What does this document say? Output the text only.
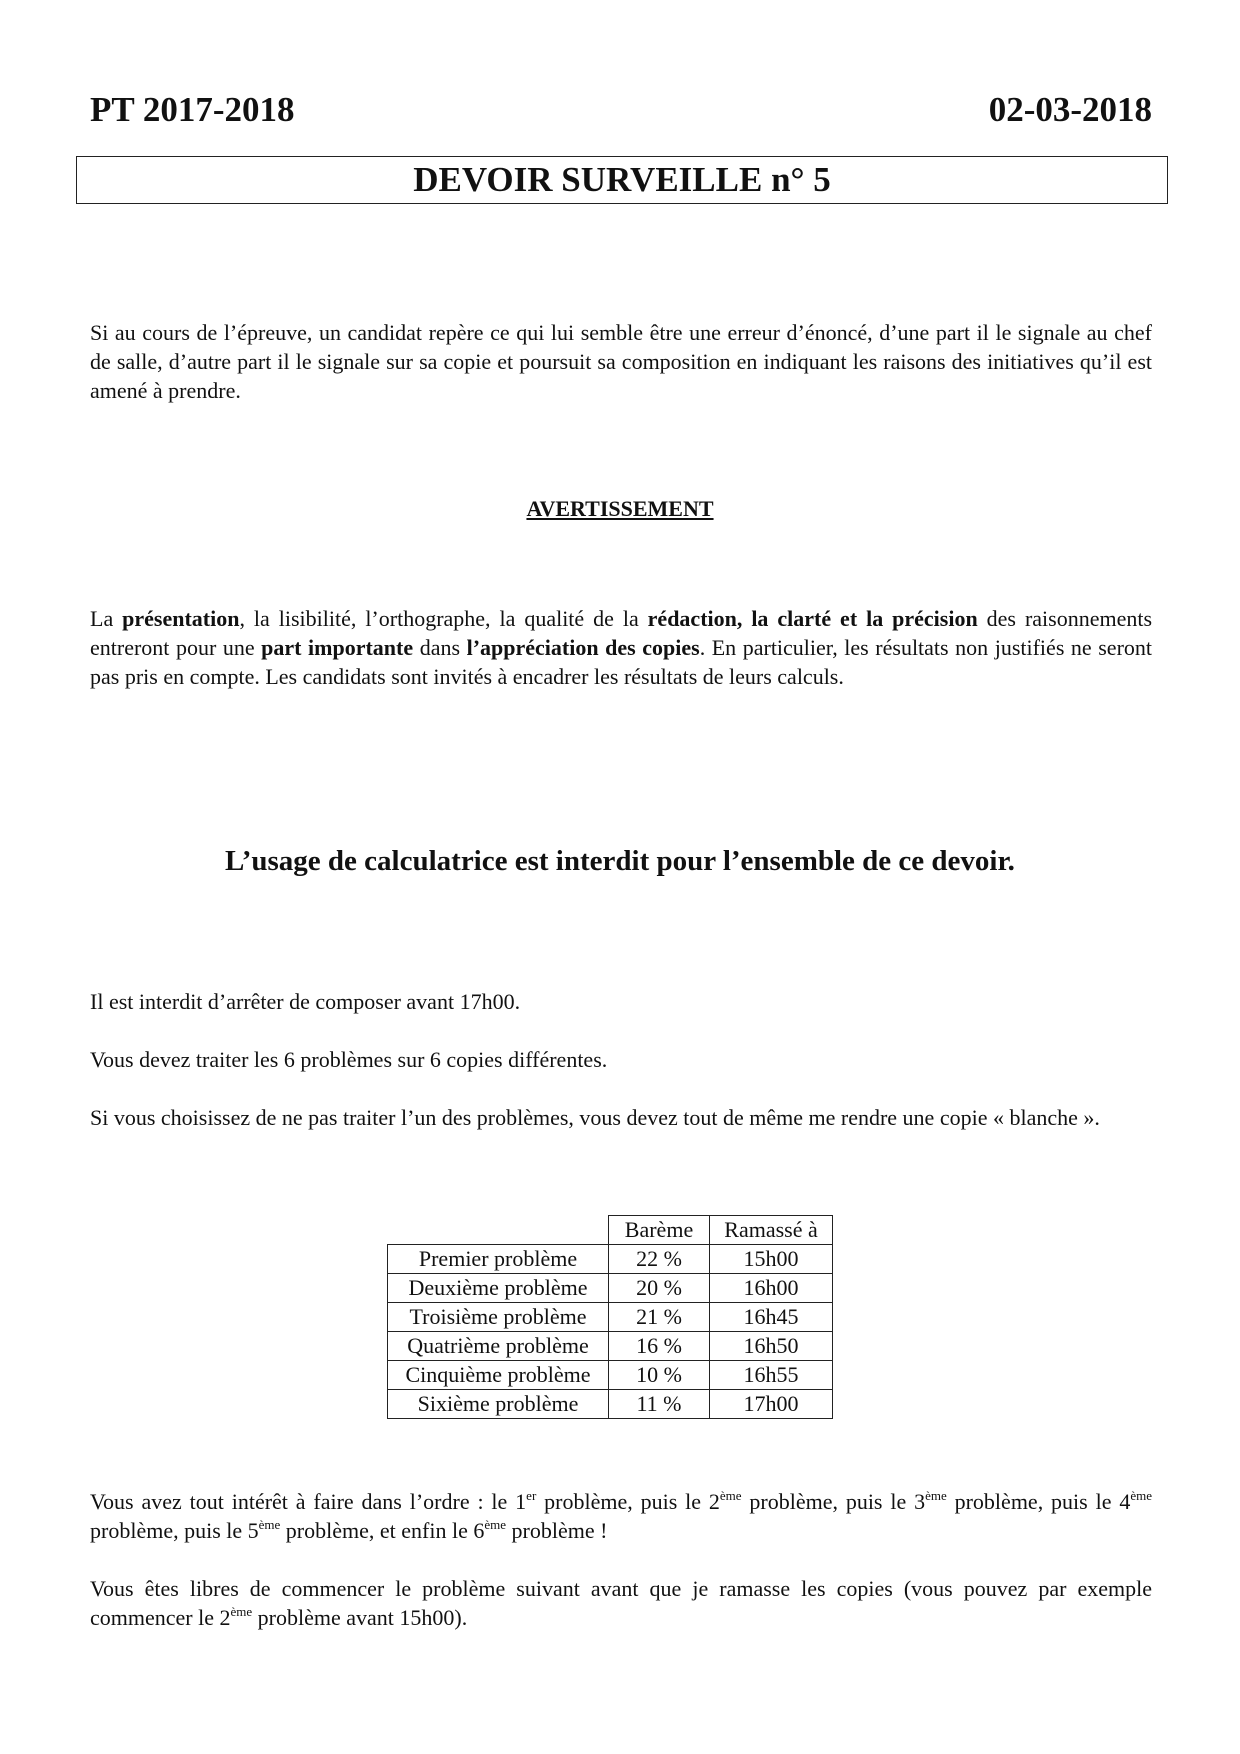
PT 2017-2018	02-03-2018
DEVOIR SURVEILLE n° 5

Si au cours de l’épreuve, un candidat repère ce qui lui semble être une erreur d’énoncé, d’une part il le signale au chef de salle, d’autre part il le signale sur sa copie et poursuit sa composition en indiquant les raisons des initiatives qu’il est amené à prendre.

AVERTISSEMENT

La présentation, la lisibilité, l’orthographe, la qualité de la rédaction, la clarté et la précision des raisonnements entreront pour une part importante dans l’appréciation des copies. En particulier, les résultats non justifiés ne seront pas pris en compte. Les candidats sont invités à encadrer les résultats de leurs calculs.

L’usage de calculatrice est interdit pour l’ensemble de ce devoir.

Il est interdit d’arrêter de composer avant 17h00.

Vous devez traiter les 6 problèmes sur 6 copies différentes.

Si vous choisissez de ne pas traiter l’un des problèmes, vous devez tout de même me rendre une copie « blanche ».

	Barème	Ramassé à
Premier problème	22 %	15h00
Deuxième problème	20 %	16h00
Troisième problème	21 %	16h45
Quatrième problème	16 %	16h50
Cinquième problème	10 %	16h55
Sixième problème	11 %	17h00

Vous avez tout intérêt à faire dans l’ordre : le 1er problème, puis le 2ème problème, puis le 3ème problème, puis le 4ème problème, puis le 5ème problème, et enfin le 6ème problème !

Vous êtes libres de commencer le problème suivant avant que je ramasse les copies (vous pouvez par exemple commencer le 2ème problème avant 15h00).
